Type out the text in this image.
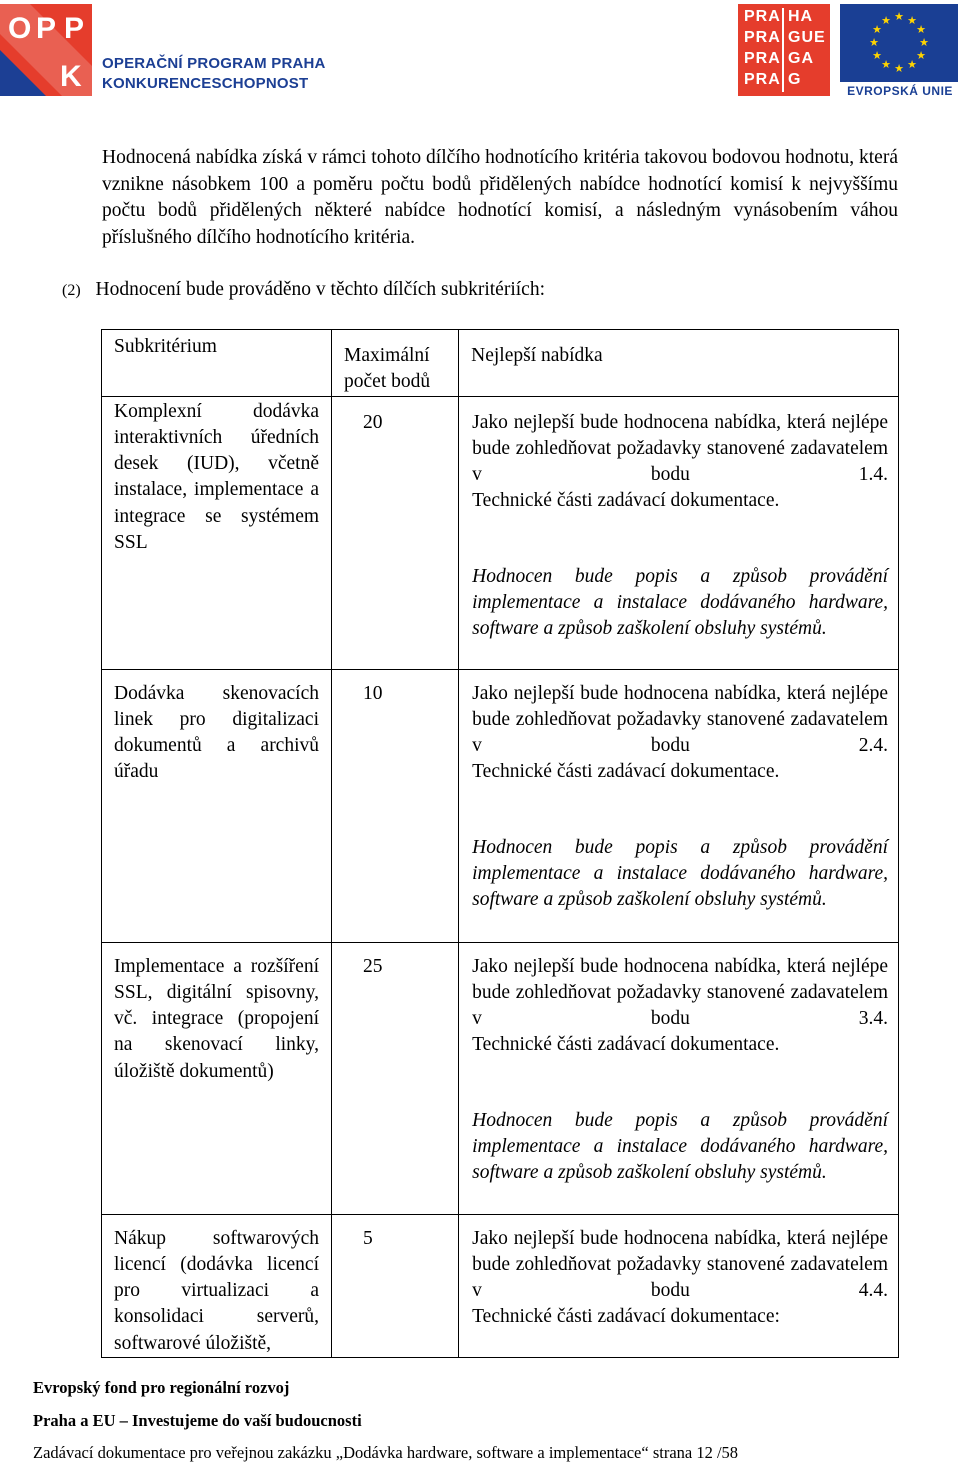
O P P
K OPERAČNÍ PROGRAM PRAHA
KONKURENCESCHOPNOST
PRA HA
PRA GUE
PRA GA
PRA G
★ ★
★
★
★
★
★
★
★
★
★
★
EVROPSKÁ UNIE

Hodnocená nabídka získá v rámci tohoto dílčího hodnotícího kritéria takovou bodovou hodnotu, která vznikne násobkem 100 a poměru počtu bodů přidělených nabídce hodnotící komisí k nejvyššímu počtu bodů přidělených některé nabídce hodnotící komisí, a následným vynásobením váhou příslušného dílčího hodnotícího kritéria.

(2) Hodnocení bude prováděno v těchto dílčích subkritériích:
Subkritérium	Maximální počet bodů	Nejlepší nabídka
Komplexní dodávka interaktivních úředních desek (IUD), včetně instalace, implementace a integrace se systémem SSL	20	Jako nejlepší bude hodnocena nabídka, která nejlépe bude zohledňovat požadavky stanovené zadavatelem v bodu 1.4.
Technické části zadávací dokumentace.
Hodnocen bude popis a způsob provádění implementace a instalace dodávaného hardware, software a způsob zaškolení obsluhy systémů.

Dodávka skenovacích linek pro digitalizaci dokumentů a archivů úřadu	10	Jako nejlepší bude hodnocena nabídka, která nejlépe bude zohledňovat požadavky stanovené zadavatelem v bodu 2.4.
Technické části zadávací dokumentace.
Hodnocen bude popis a způsob provádění implementace a instalace dodávaného hardware, software a způsob zaškolení obsluhy systémů.

Implementace a rozšíření SSL, digitální spisovny, vč. integrace (propojení na skenovací linky, úložiště dokumentů)	25	Jako nejlepší bude hodnocena nabídka, která nejlépe bude zohledňovat požadavky stanovené zadavatelem v bodu 3.4.
Technické části zadávací dokumentace.
Hodnocen bude popis a způsob provádění implementace a instalace dodávaného hardware, software a způsob zaškolení obsluhy systémů.

Nákup softwarových licencí (dodávka licencí pro virtualizaci a konsolidaci serverů, softwarové úložiště,	5	Jako nejlepší bude hodnocena nabídka, která nejlépe bude zohledňovat požadavky stanovené zadavatelem v bodu 4.4.
Technické části zadávací dokumentace:
Evropský fond pro regionální rozvoj
Praha a EU – Investujeme do vaší budoucnosti
Zadávací dokumentace pro veřejnou zakázku „Dodávka hardware, software a implementace“ strana 12 /58
